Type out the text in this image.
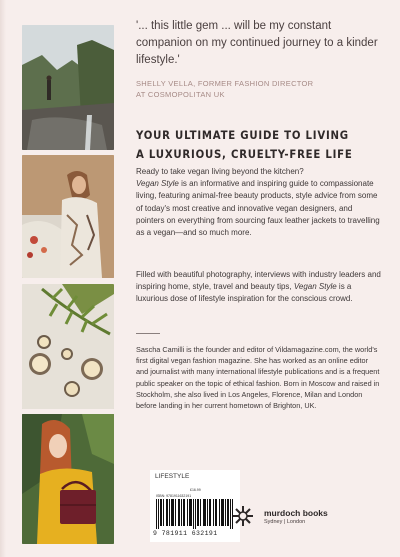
'... this little gem ... will be my constant companion on my continued journey to a kinder lifestyle.'
SHELLY VELLA, FORMER FASHION DIRECTOR
AT COSMOPOLITAN UK
YOUR ULTIMATE GUIDE TO LIVING
A LUXURIOUS, CRUELTY-FREE LIFE
Ready to take vegan living beyond the kitchen?
Vegan Style is an informative and inspiring guide to compassionate living, featuring animal-free beauty products, style advice from some of today's most creative and innovative vegan designers, and pointers on everything from sourcing faux leather jackets to travelling as a vegan—and so much more.
Filled with beautiful photography, interviews with industry leaders and inspiring home, style, travel and beauty tips, Vegan Style is a luxurious dose of lifestyle inspiration for the conscious crowd.
Sascha Camilli is the founder and editor of Vildamagazine.com, the world's first digital vegan fashion magazine. She has worked as an online editor and journalist with many international lifestyle publications and is a frequent public speaker on the topic of ethical fashion. Born in Moscow and raised in Stockholm, she also lived in Los Angeles, Florence, Milan and London before landing in her current hometown of Brighton, UK.
LIFESTYLE
£16.99
ISBN: 9781911632191
9 781911 632191
murdoch books
Sydney | London
